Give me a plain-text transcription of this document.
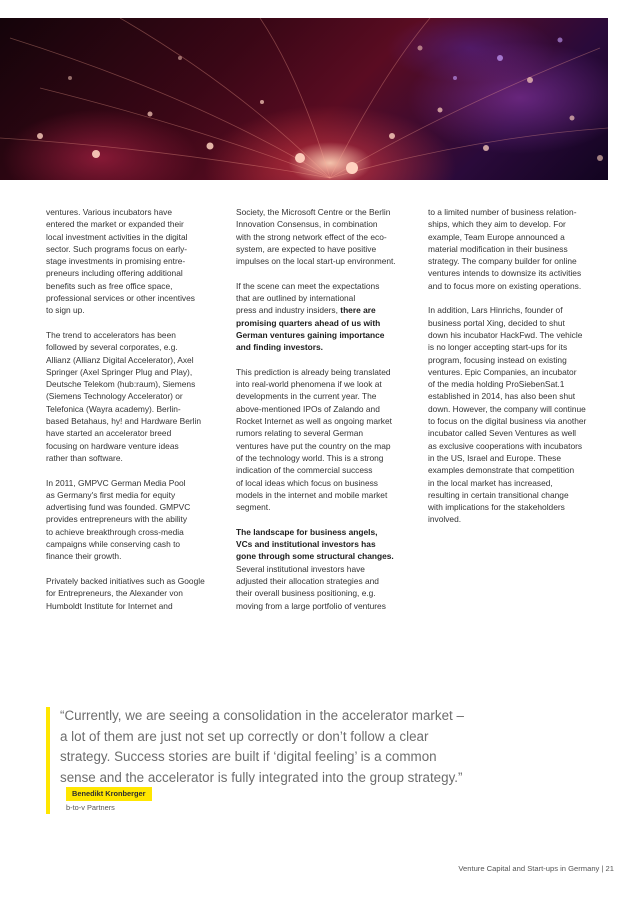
ventures. Various incubators have
entered the market or expanded their
local investment activities in the digital
sector. Such programs focus on early-
stage investments in promising entre-
preneurs including offering additional
benefits such as free office space,
professional services or other incentives
to sign up.

The trend to accelerators has been
followed by several corporates, e.g.
Allianz (Allianz Digital Accelerator), Axel
Springer (Axel Springer Plug and Play),
Deutsche Telekom (hub:raum), Siemens
(Siemens Technology Accelerator) or
Telefonica (Wayra academy). Berlin-
based Betahaus, hy! and Hardware Berlin
have started an accelerator breed
focusing on hardware venture ideas
rather than software.

In 2011, GMPVC German Media Pool
as Germany's first media for equity
advertising fund was founded. GMPVC
provides entrepreneurs with the ability
to achieve breakthrough cross-media
campaigns while conserving cash to
finance their growth.

Privately backed initiatives such as Google
for Entrepreneurs, the Alexander von
Humboldt Institute for Internet and

Society, the Microsoft Centre or the Berlin
Innovation Consensus, in combination
with the strong network effect of the eco-
system, are expected to have positive
impulses on the local start-up environment.

If the scene can meet the expectations
that are outlined by international
press and industry insiders, there are
promising quarters ahead of us with
German ventures gaining importance
and finding investors.

This prediction is already being translated
into real-world phenomena if we look at
developments in the current year. The
above-mentioned IPOs of Zalando and
Rocket Internet as well as ongoing market
rumors relating to several German
ventures have put the country on the map
of the technology world. This is a strong
indication of the commercial success
of local ideas which focus on business
models in the internet and mobile market
segment.

The landscape for business angels,
VCs and institutional investors has
gone through some structural changes.
Several institutional investors have
adjusted their allocation strategies and
their overall business positioning, e.g.
moving from a large portfolio of ventures

to a limited number of business relation-
ships, which they aim to develop. For
example, Team Europe announced a
material modification in their business
strategy. The company builder for online
ventures intends to downsize its activities
and to focus more on existing operations.

In addition, Lars Hinrichs, founder of
business portal Xing, decided to shut
down his incubator HackFwd. The vehicle
is no longer accepting start-ups for its
program, focusing instead on existing
ventures. Epic Companies, an incubator
of the media holding ProSiebenSat.1
established in 2014, has also been shut
down. However, the company will continue
to focus on the digital business via another
incubator called Seven Ventures as well
as exclusive cooperations with incubators
in the US, Israel and Europe. These
examples demonstrate that competition
in the local market has increased,
resulting in certain transitional change
with implications for the stakeholders
involved.

“Currently, we are seeing a consolidation in the accelerator market –
a lot of them are just not set up correctly or don’t follow a clear
strategy. Success stories are built if ‘digital feeling’ is a common
sense and the accelerator is fully integrated into the group strategy.”
Benedikt Kronberger
b-to-v Partners
Venture Capital and Start-ups in Germany | 21
